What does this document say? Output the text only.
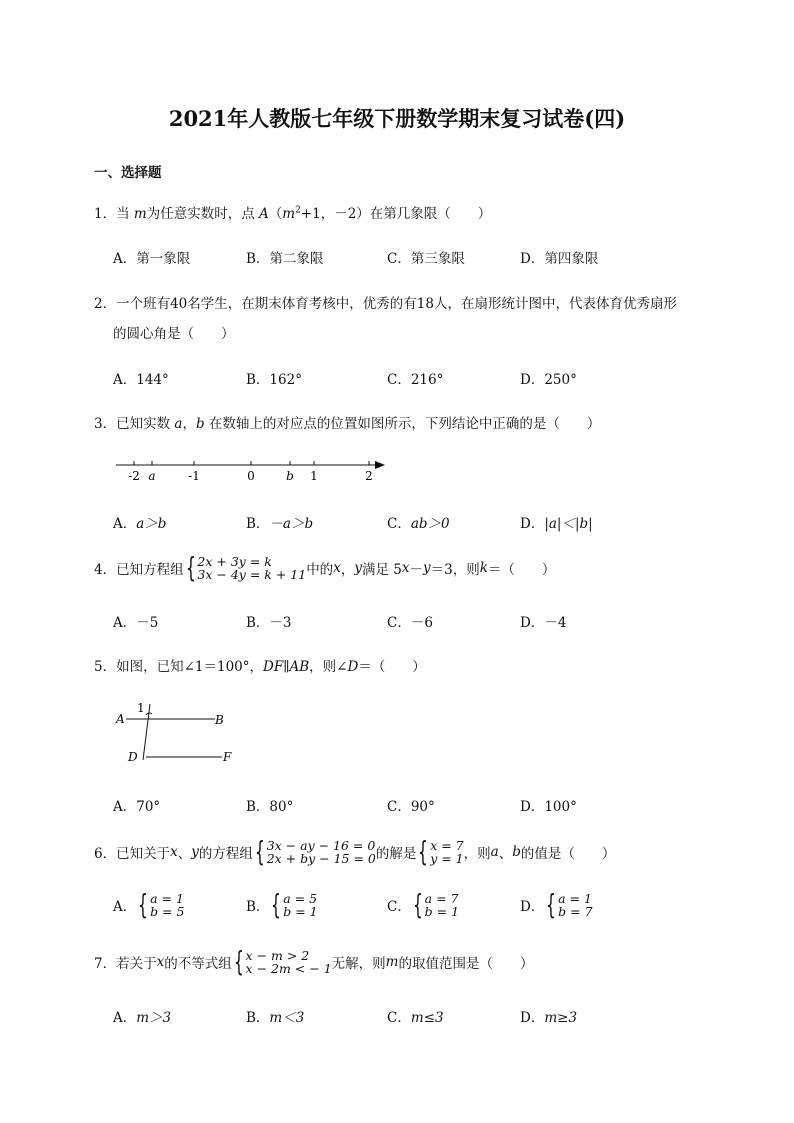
2021年人教版七年级下册数学期末复习试卷(四)
一、选择题
1．当 m为任意实数时，点 $A(m^2+1$，－2）在第几象限（　　）
A．第一象限	B．第二象限	C．第三象限	D．第四象限
2．一个班有40名学生，在期末体育考核中，优秀的有18人，在扇形统计图中，代表体育优秀扇形
的圆心角是（　　）
A．144°	B．162°	C．216°	D．250°
3．已知实数 a，b 在数轴上的对应点的位置如图所示，下列结论中正确的是（　　）
-2 a	-1	0	b 1	2
A．a＞b	B．－a＞b	C．ab＞0	D．|a|＜|b|
4． 已知方程组 { 2x + 3y = k
3x − 4y = k + 11 中的 x ， y 满足 5 x － y ＝3，则 k ＝（　　）
A．－5	B．－3	C．－6	D．－4
5．如图，已知∠1＝100°，DF∥AB，则∠D＝（　　）
1
A	B
D	F
A．70°	B．80°	C．90°	D．100°
6． 已知关于 x 、 y 的方程组 { 3x − ay − 16 = 0
2x + by − 15 = 0 的解是 { x = 7
y = 1 ，则 a 、 b 的值是（　　）
A． { a = 1
b = 5	B． { a = 5
b = 1	C． { a = 7
b = 1	D． { a = 1
b = 7
7． 若关于 x 的不等式组 { x − m > 2
x − 2m < − 1 无解，则 m 的取值范围是（　　）
A．m＞3	B．m＜3	C．m≤3	D．m≥3
